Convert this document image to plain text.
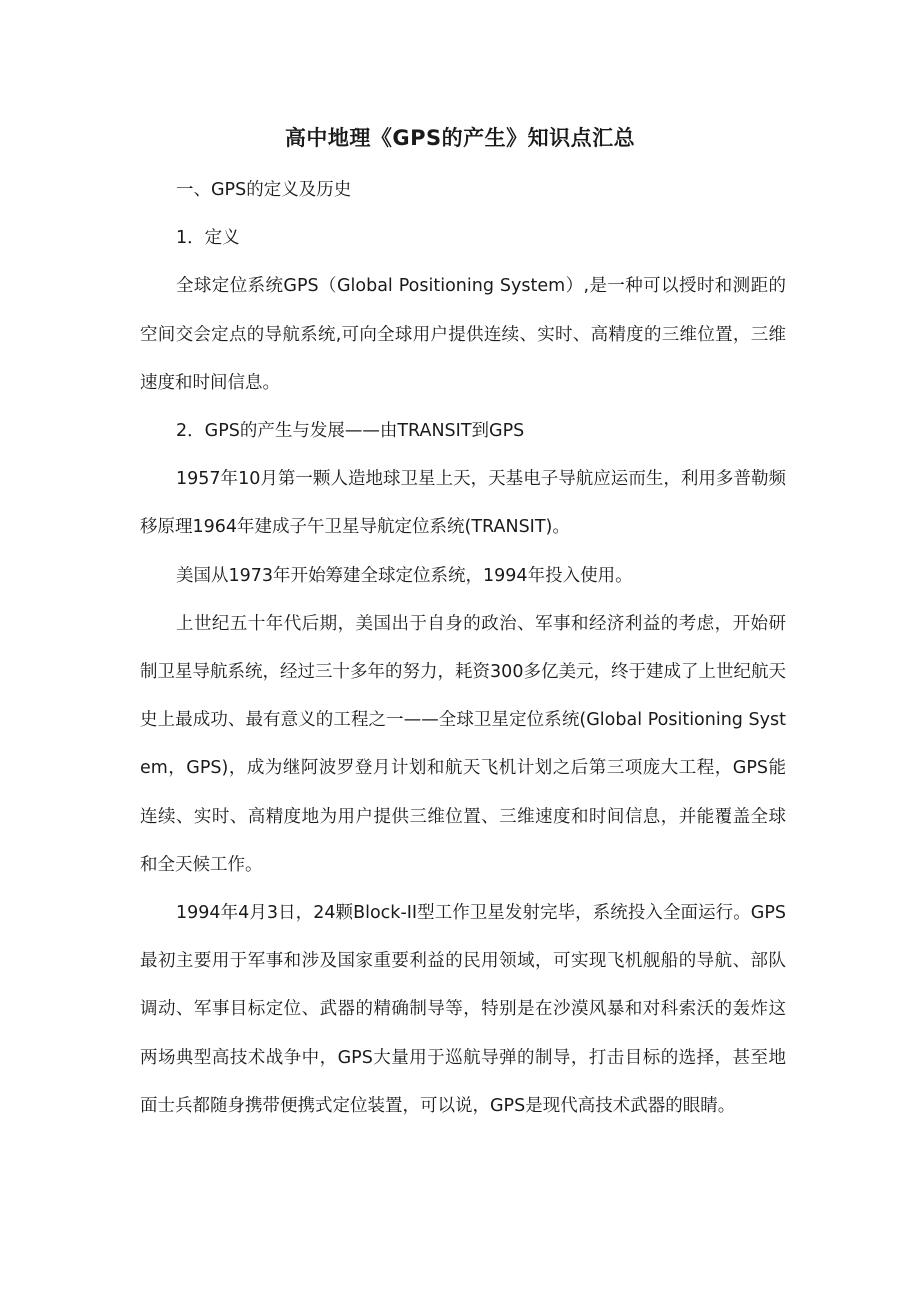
高中地理《GPS的产生》知识点汇总

一、GPS的定义及历史

1．定义

全球定位系统GPS（Global Positioning System）,是一种可以授时和测距的空间交会定点的导航系统,可向全球用户提供连续、实时、高精度的三维位置，三维速度和时间信息。

2．GPS的产生与发展——由TRANSIT到GPS

1957年10月第一颗人造地球卫星上天，天基电子导航应运而生，利用多普勒频移原理1964年建成子午卫星导航定位系统(TRANSIT)。

美国从1973年开始筹建全球定位系统，1994年投入使用。

上世纪五十年代后期，美国出于自身的政治、军事和经济利益的考虑，开始研制卫星导航系统，经过三十多年的努力，耗资300多亿美元，终于建成了上世纪航天史上最成功、最有意义的工程之一——全球卫星定位系统(Global Positioning System，GPS)，成为继阿波罗登月计划和航天飞机计划之后第三项庞大工程，GPS能连续、实时、高精度地为用户提供三维位置、三维速度和时间信息，并能覆盖全球和全天候工作。

1994年4月3日，24颗Block-II型工作卫星发射完毕，系统投入全面运行。GPS最初主要用于军事和涉及国家重要利益的民用领域，可实现飞机舰船的导航、部队调动、军事目标定位、武器的精确制导等，特别是在沙漠风暴和对科索沃的轰炸这两场典型高技术战争中，GPS大量用于巡航导弹的制导，打击目标的选择，甚至地面士兵都随身携带便携式定位装置，可以说，GPS是现代高技术武器的眼睛。
